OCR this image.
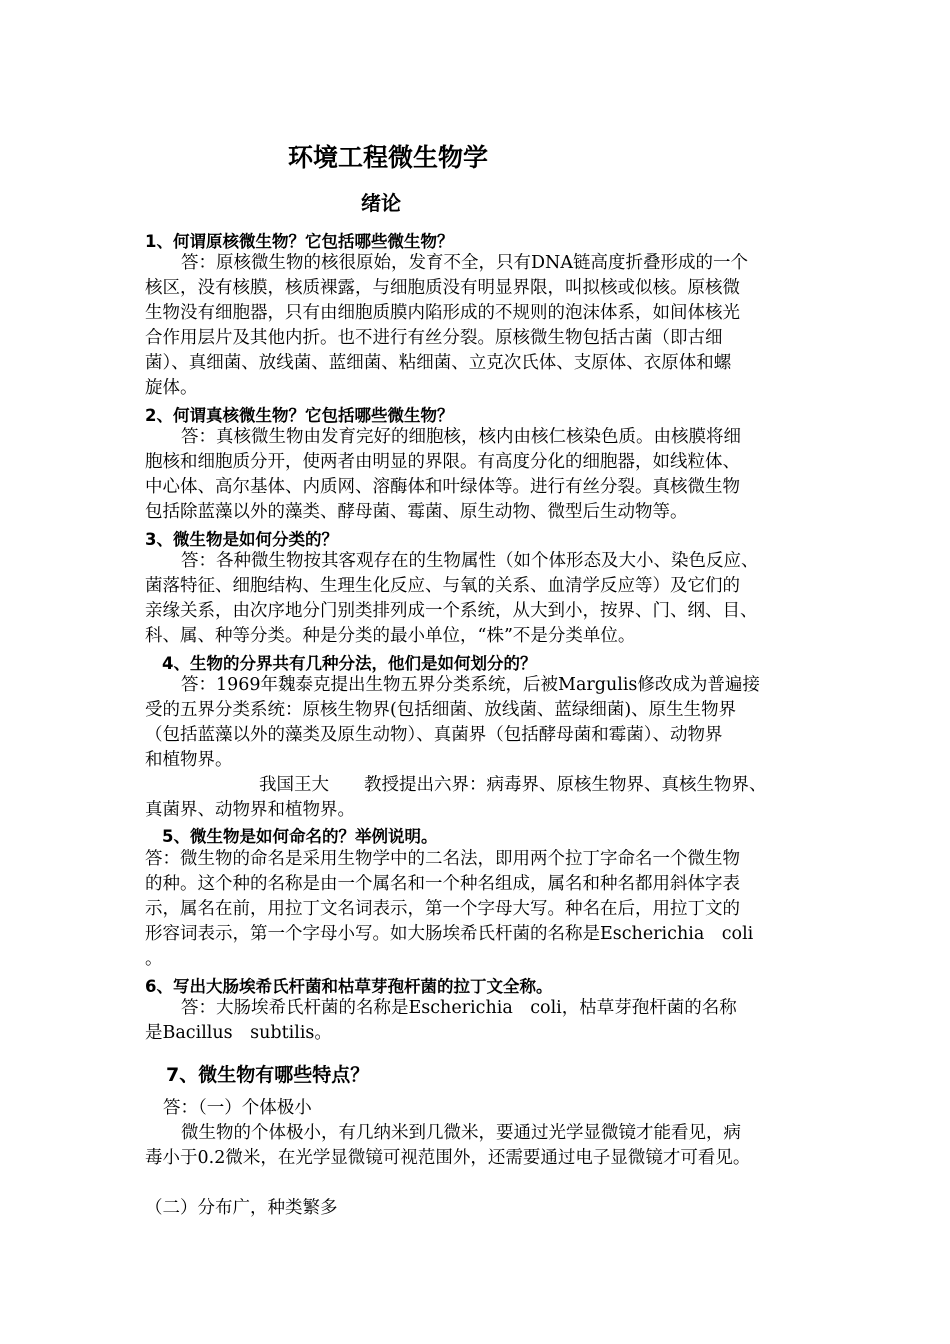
环境工程微生物学
绪论
1、何谓原核微生物？它包括哪些微生物？
答：原核微生物的核很原始，发育不全，只有DNA链高度折叠形成的一个
核区，没有核膜，核质裸露，与细胞质没有明显界限，叫拟核或似核。原核微
生物没有细胞器，只有由细胞质膜内陷形成的不规则的泡沫体系，如间体核光
合作用层片及其他内折。也不进行有丝分裂。原核微生物包括古菌（即古细
菌）、真细菌、放线菌、蓝细菌、粘细菌、立克次氏体、支原体、衣原体和螺
旋体。
2、何谓真核微生物？它包括哪些微生物？
答：真核微生物由发育完好的细胞核，核内由核仁核染色质。由核膜将细
胞核和细胞质分开，使两者由明显的界限。有高度分化的细胞器，如线粒体、
中心体、高尔基体、内质网、溶酶体和叶绿体等。进行有丝分裂。真核微生物
包括除蓝藻以外的藻类、酵母菌、霉菌、原生动物、微型后生动物等。
3、微生物是如何分类的？
答：各种微生物按其客观存在的生物属性（如个体形态及大小、染色反应、
菌落特征、细胞结构、生理生化反应、与氧的关系、血清学反应等）及它们的
亲缘关系，由次序地分门别类排列成一个系统，从大到小，按界、门、纲、目、
科、属、种等分类。种是分类的最小单位，“株”不是分类单位。
4、生物的分界共有几种分法，他们是如何划分的？
答：1969年魏泰克提出生物五界分类系统，后被Margulis修改成为普遍接
受的五界分类系统：原核生物界(包括细菌、放线菌、蓝绿细菌)、原生生物界
（包括蓝藻以外的藻类及原生动物）、真菌界（包括酵母菌和霉菌）、动物界
和植物界。
我国王大　　教授提出六界：病毒界、原核生物界、真核生物界、
真菌界、动物界和植物界。
5、微生物是如何命名的？举例说明。
答：微生物的命名是采用生物学中的二名法，即用两个拉丁字命名一个微生物
的种。这个种的名称是由一个属名和一个种名组成，属名和种名都用斜体字表
示，属名在前，用拉丁文名词表示，第一个字母大写。种名在后，用拉丁文的
形容词表示，第一个字母小写。如大肠埃希氏杆菌的名称是Escherichia　coli
。
6、写出大肠埃希氏杆菌和枯草芽孢杆菌的拉丁文全称。
答：大肠埃希氏杆菌的名称是Escherichia　coli，枯草芽孢杆菌的名称
是Bacillus　subtilis。
7、微生物有哪些特点？
答：（一）个体极小
微生物的个体极小，有几纳米到几微米，要通过光学显微镜才能看见，病
毒小于0.2微米，在光学显微镜可视范围外，还需要通过电子显微镜才可看见。
（二）分布广，种类繁多
